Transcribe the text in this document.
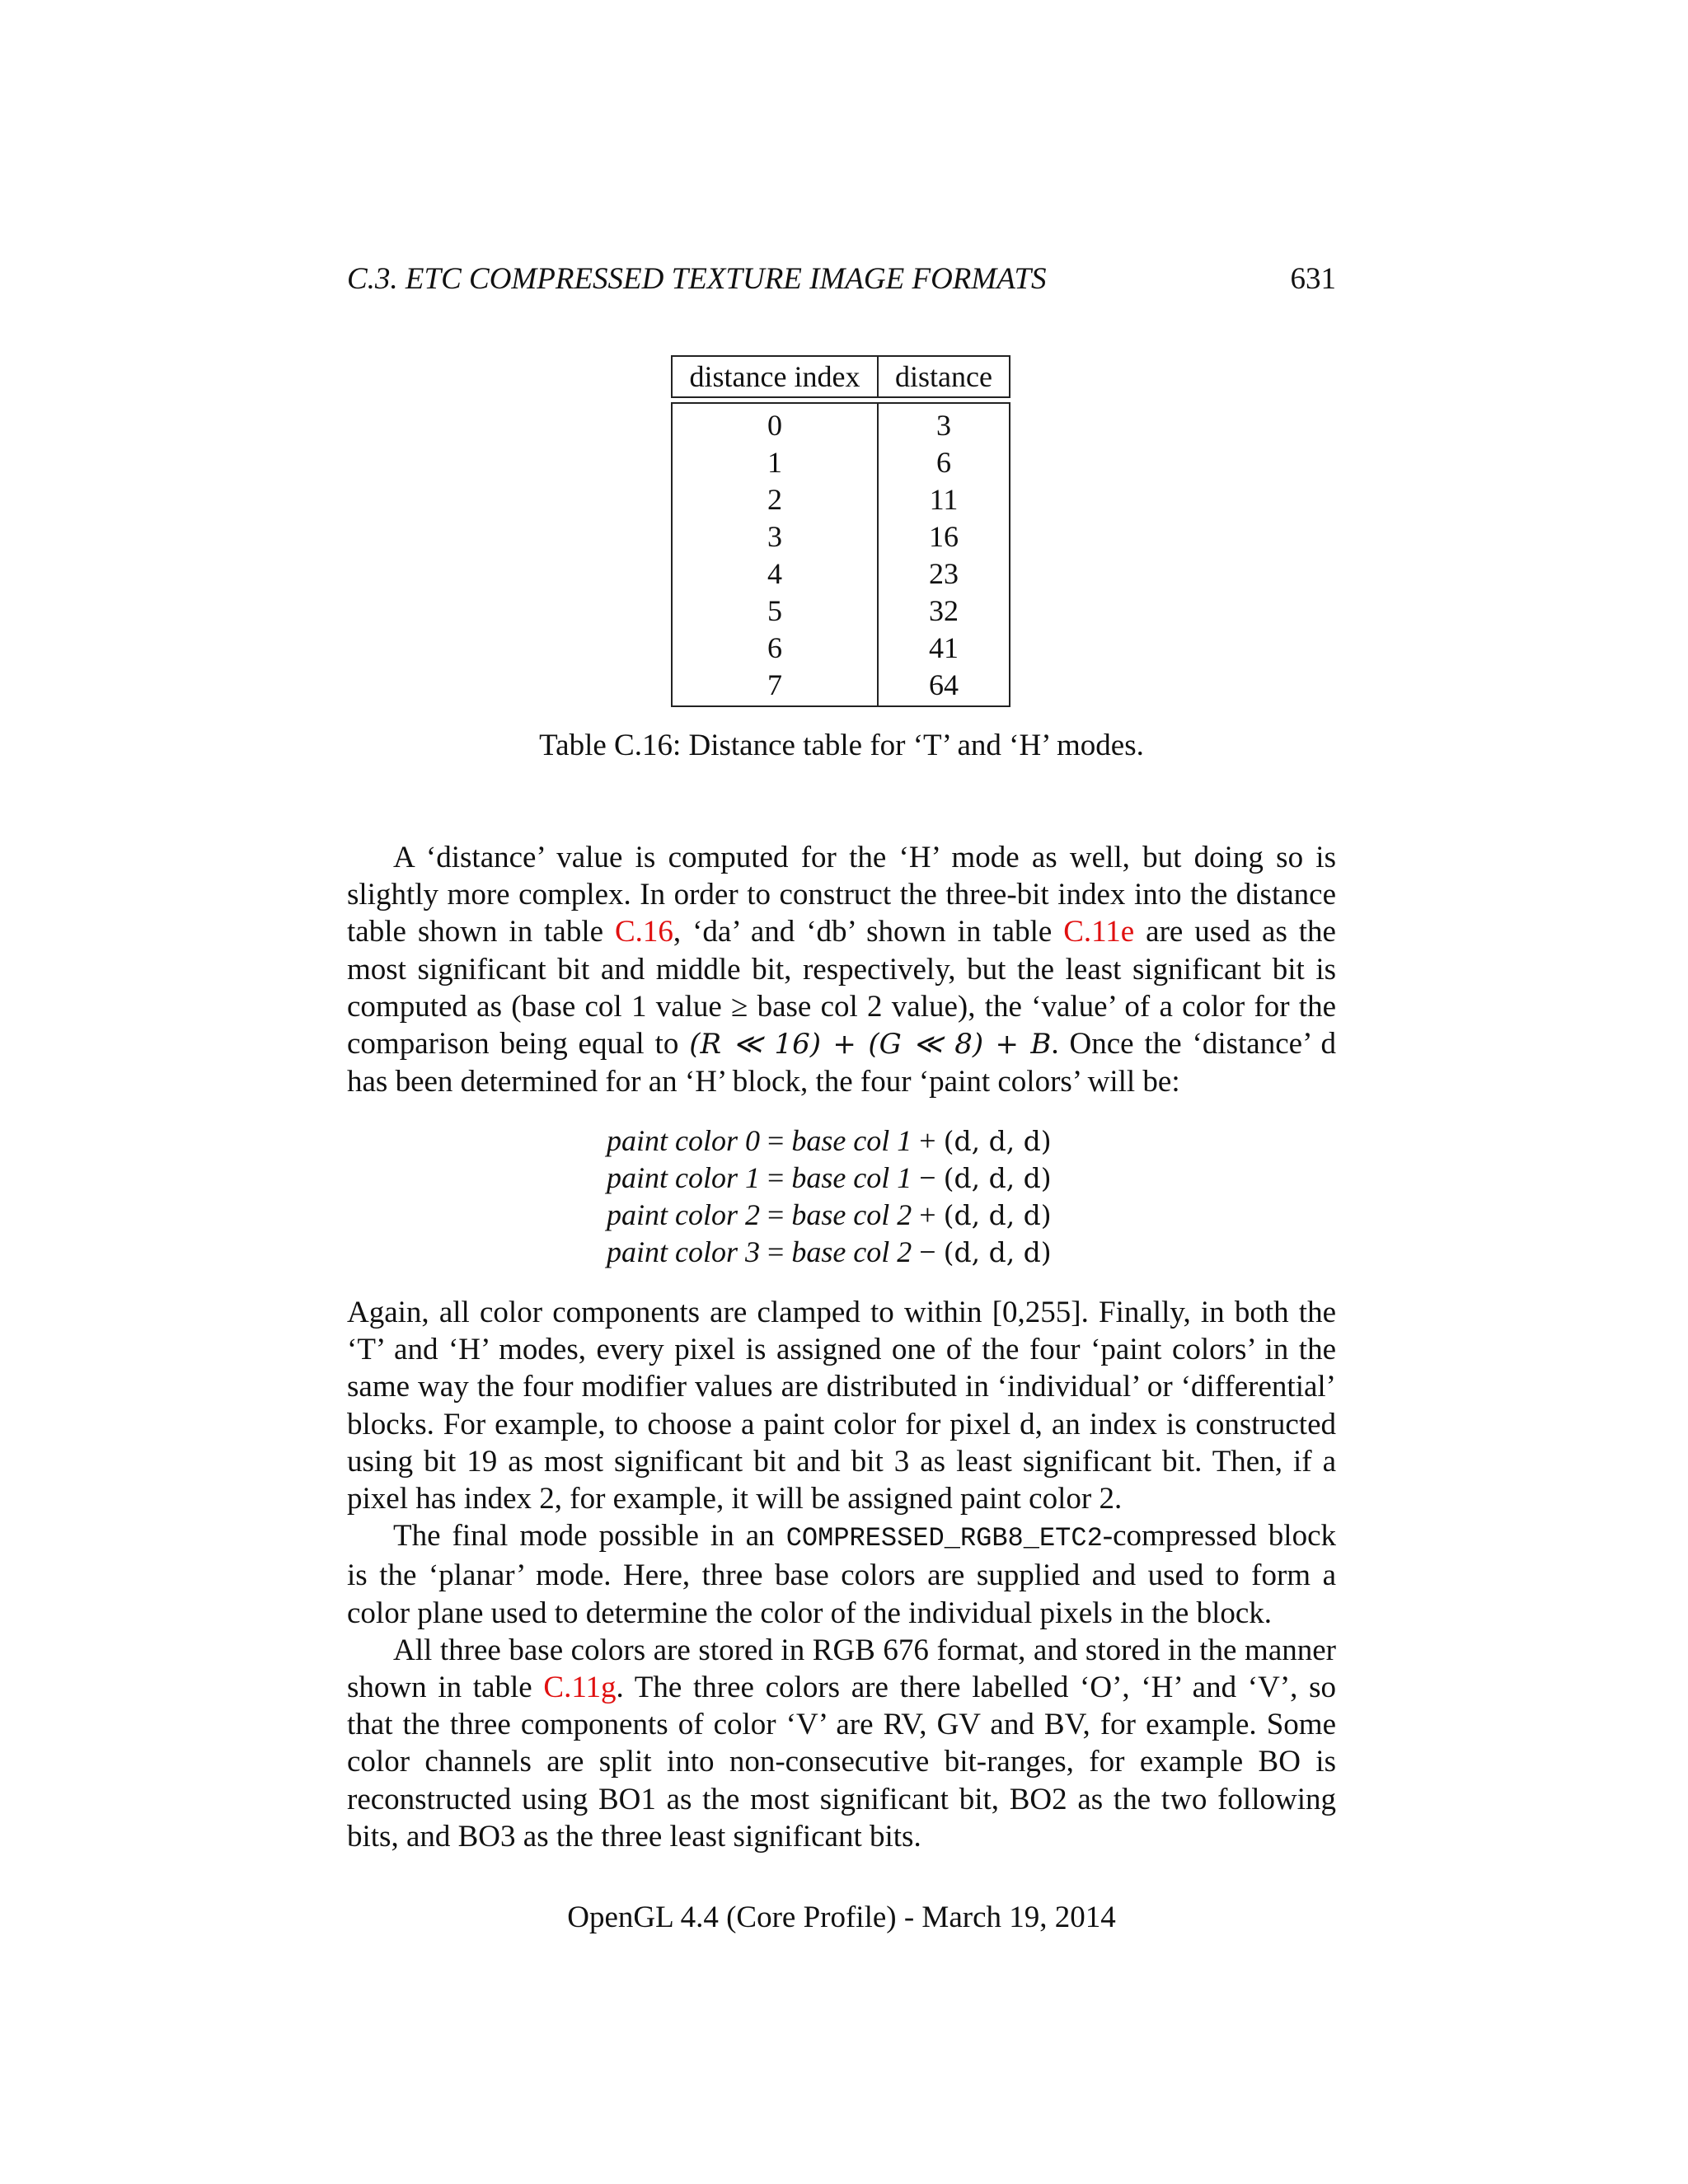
C.3. ETC COMPRESSED TEXTURE IMAGE FORMATS	631
distance index	distance

0	3
1	6
2	11
3	16
4	23
5	32
6	41
7	64
Table C.16: Distance table for ‘T’ and ‘H’ modes.

A ‘distance’ value is computed for the ‘H’ mode as well, but doing so is slightly more complex. In order to construct the three-bit index into the distance table shown in table C.16, ‘da’ and ‘db’ shown in table C.11e are used as the most significant bit and middle bit, respectively, but the least significant bit is computed as (base col 1 value ≥ base col 2 value), the ‘value’ of a color for the comparison being equal to (R ≪ 16) + (G ≪ 8) + B. Once the ‘distance’ d has been determined for an ‘H’ block, the four ‘paint colors’ will be:

paint color 0 = base col 1 + (d, d, d)
paint color 1 = base col 1 − (d, d, d)
paint color 2 = base col 2 + (d, d, d)
paint color 3 = base col 2 − (d, d, d)

Again, all color components are clamped to within [0,255]. Finally, in both the ‘T’ and ‘H’ modes, every pixel is assigned one of the four ‘paint colors’ in the same way the four modifier values are distributed in ‘individual’ or ‘differential’ blocks. For example, to choose a paint color for pixel d, an index is constructed using bit 19 as most significant bit and bit 3 as least significant bit. Then, if a pixel has index 2, for example, it will be assigned paint color 2.

The final mode possible in an COMPRESSED_RGB8_ETC2-compressed block is the ‘planar’ mode. Here, three base colors are supplied and used to form a color plane used to determine the color of the individual pixels in the block.

All three base colors are stored in RGB 676 format, and stored in the manner shown in table C.11g. The three colors are there labelled ‘O’, ‘H’ and ‘V’, so that the three components of color ‘V’ are RV, GV and BV, for example. Some color channels are split into non-consecutive bit-ranges, for example BO is reconstructed using BO1 as the most significant bit, BO2 as the two following bits, and BO3 as the three least significant bits.

OpenGL 4.4 (Core Profile) - March 19, 2014
